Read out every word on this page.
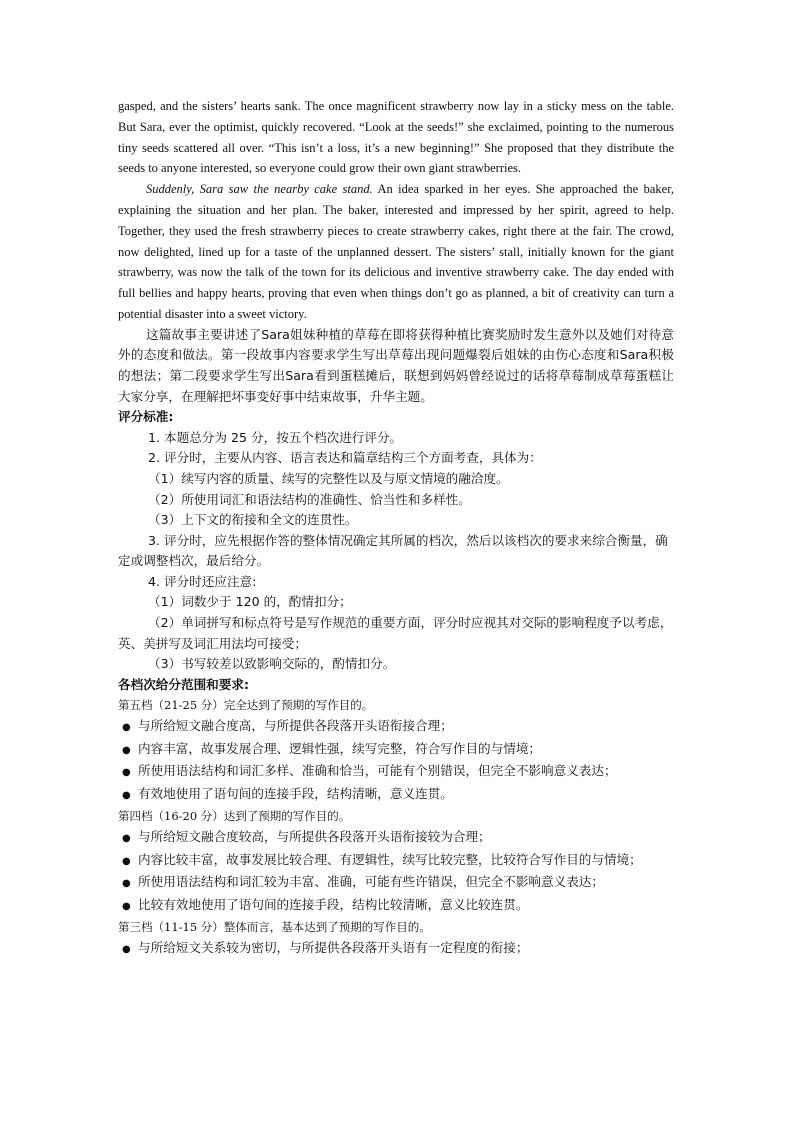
gasped, and the sisters’ hearts sank. The once magnificent strawberry now lay in a sticky mess on the table. But Sara, ever the optimist, quickly recovered. “Look at the seeds!” she exclaimed, pointing to the numerous tiny seeds scattered all over. “This isn’t a loss, it’s a new beginning!” She proposed that they distribute the seeds to anyone interested, so everyone could grow their own giant strawberries.

Suddenly, Sara saw the nearby cake stand. An idea sparked in her eyes. She approached the baker, explaining the situation and her plan. The baker, interested and impressed by her spirit, agreed to help. Together, they used the fresh strawberry pieces to create strawberry cakes, right there at the fair. The crowd, now delighted, lined up for a taste of the unplanned dessert. The sisters’ stall, initially known for the giant strawberry, was now the talk of the town for its delicious and inventive strawberry cake. The day ended with full bellies and happy hearts, proving that even when things don’t go as planned, a bit of creativity can turn a potential disaster into a sweet victory.

这篇故事主要讲述了Sara姐妹种植的草莓在即将获得种植比赛奖励时发生意外以及她们对待意外的态度和做法。第一段故事内容要求学生写出草莓出现问题爆裂后姐妹的由伤心态度和Sara积极的想法；第二段要求学生写出Sara看到蛋糕摊后，联想到妈妈曾经说过的话将草莓制成草莓蛋糕让大家分享，在理解把坏事变好事中结束故事，升华主题。

评分标准:

1. 本题总分为 25 分，按五个档次进行评分。

2. 评分时，主要从内容、语言表达和篇章结构三个方面考查，具体为：

（1）续写内容的质量、续写的完整性以及与原文情境的融洽度。

（2）所使用词汇和语法结构的准确性、恰当性和多样性。

（3）上下文的衔接和全文的连贯性。

3. 评分时，应先根据作答的整体情况确定其所属的档次，然后以该档次的要求来综合衡量，确定或调整档次，最后给分。

4. 评分时还应注意:

（1）词数少于 120 的，酌情扣分；

（2）单词拼写和标点符号是写作规范的重要方面，评分时应视其对交际的影响程度予以考虑，英、美拼写及词汇用法均可接受；

（3）书写较差以致影响交际的，酌情扣分。

各档次给分范围和要求:

第五档（21-25 分）完全达到了预期的写作目的。

● 与所给短文融合度高，与所提供各段落开头语衔接合理；

● 内容丰富，故事发展合理、逻辑性强，续写完整，符合写作目的与情境；

● 所使用语法结构和词汇多样、准确和恰当，可能有个别错误，但完全不影响意义表达；

● 有效地使用了语句间的连接手段，结构清晰，意义连贯。

第四档（16-20 分）达到了预期的写作目的。

● 与所给短文融合度较高，与所提供各段落开头语衔接较为合理；

● 内容比较丰富，故事发展比较合理、有逻辑性，续写比较完整，比较符合写作目的与情境；

● 所使用语法结构和词汇较为丰富、准确，可能有些许错误，但完全不影响意义表达；

● 比较有效地使用了语句间的连接手段，结构比较清晰，意义比较连贯。

第三档（11-15 分）整体而言，基本达到了预期的写作目的。

● 与所给短文关系较为密切，与所提供各段落开头语有一定程度的衔接；
